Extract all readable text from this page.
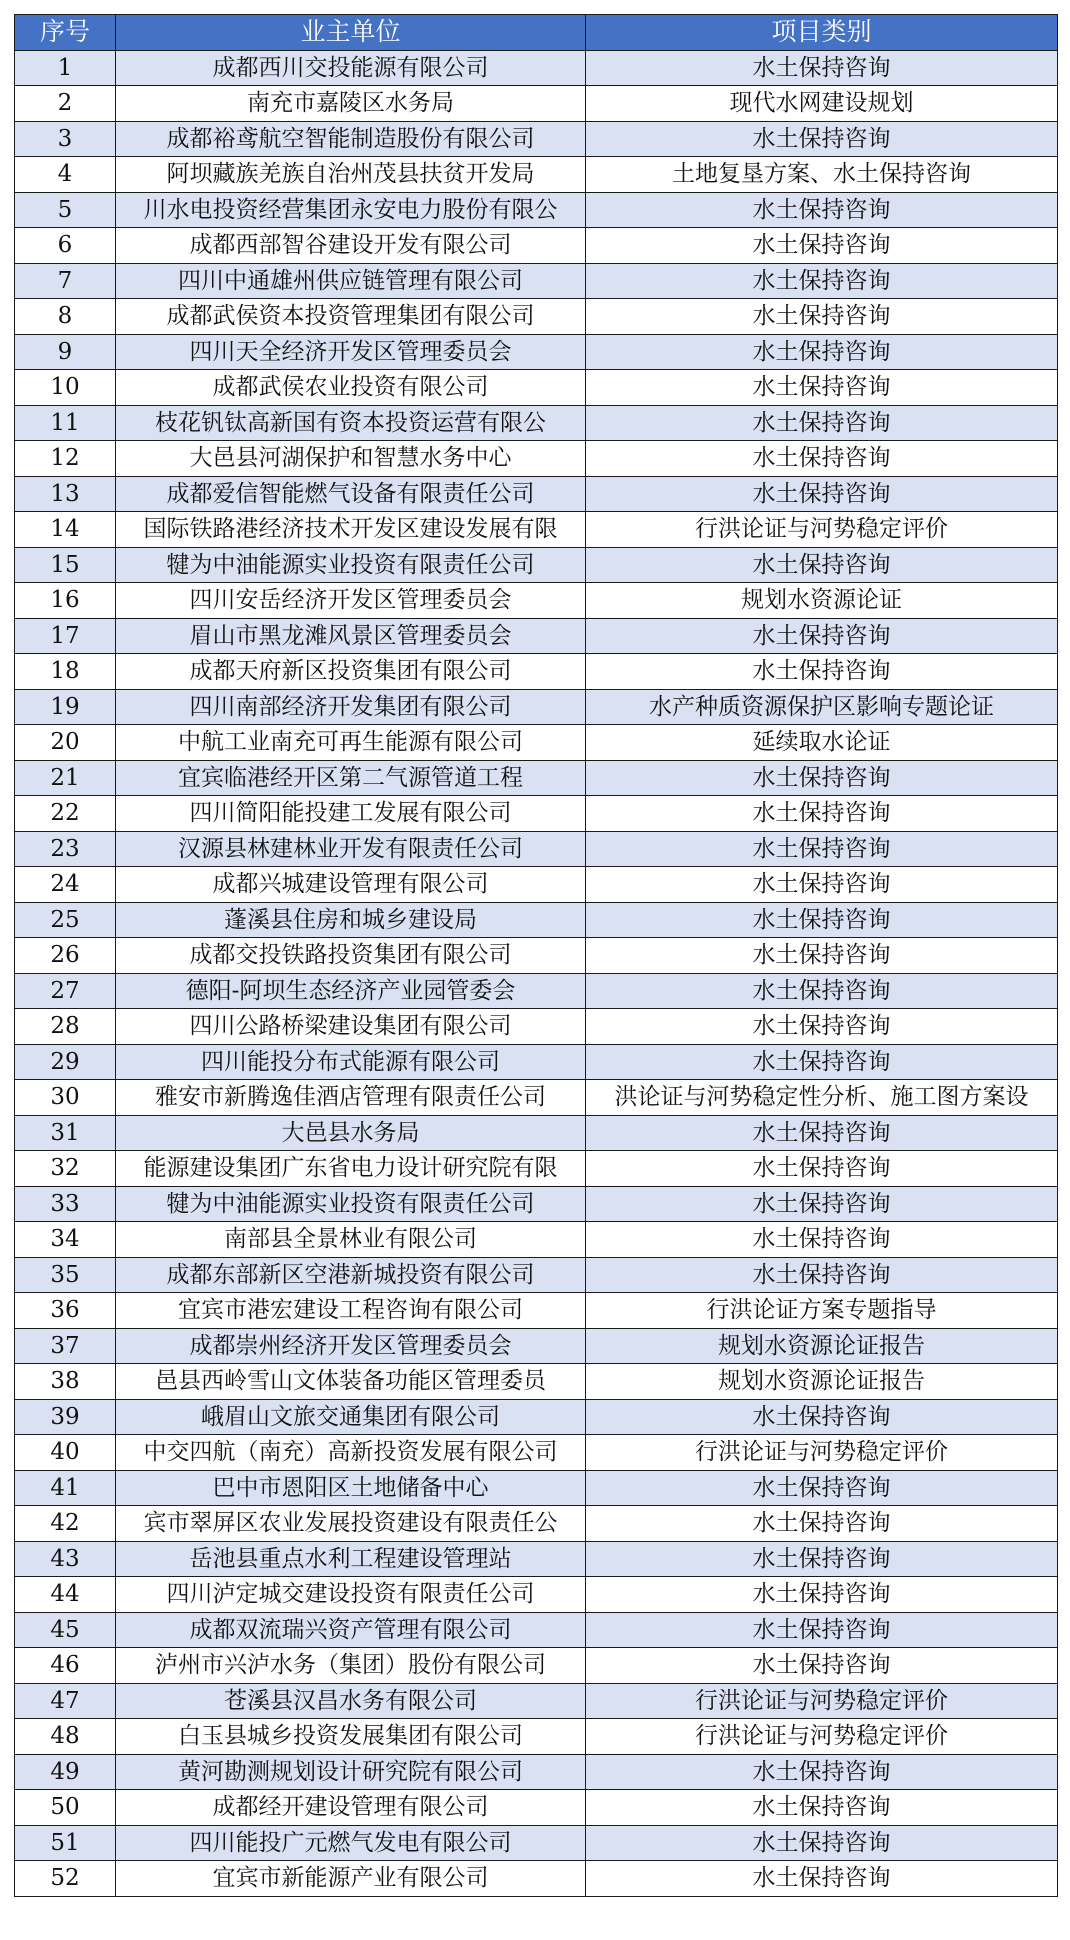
序号	业主单位	项目类别
1	成都西川交投能源有限公司	水土保持咨询
2	南充市嘉陵区水务局	现代水网建设规划
3	成都裕鸢航空智能制造股份有限公司	水土保持咨询
4	阿坝藏族羌族自治州茂县扶贫开发局	土地复垦方案、水土保持咨询
5	川水电投资经营集团永安电力股份有限公	水土保持咨询
6	成都西部智谷建设开发有限公司	水土保持咨询
7	四川中通雄州供应链管理有限公司	水土保持咨询
8	成都武侯资本投资管理集团有限公司	水土保持咨询
9	四川天全经济开发区管理委员会	水土保持咨询
10	成都武侯农业投资有限公司	水土保持咨询
11	枝花钒钛高新国有资本投资运营有限公	水土保持咨询
12	大邑县河湖保护和智慧水务中心	水土保持咨询
13	成都爱信智能燃气设备有限责任公司	水土保持咨询
14	国际铁路港经济技术开发区建设发展有限	行洪论证与河势稳定评价
15	犍为中油能源实业投资有限责任公司	水土保持咨询
16	四川安岳经济开发区管理委员会	规划水资源论证
17	眉山市黑龙滩风景区管理委员会	水土保持咨询
18	成都天府新区投资集团有限公司	水土保持咨询
19	四川南部经济开发集团有限公司	水产种质资源保护区影响专题论证
20	中航工业南充可再生能源有限公司	延续取水论证
21	宜宾临港经开区第二气源管道工程	水土保持咨询
22	四川简阳能投建工发展有限公司	水土保持咨询
23	汉源县林建林业开发有限责任公司	水土保持咨询
24	成都兴城建设管理有限公司	水土保持咨询
25	蓬溪县住房和城乡建设局	水土保持咨询
26	成都交投铁路投资集团有限公司	水土保持咨询
27	德阳-阿坝生态经济产业园管委会	水土保持咨询
28	四川公路桥梁建设集团有限公司	水土保持咨询
29	四川能投分布式能源有限公司	水土保持咨询
30	雅安市新腾逸佳酒店管理有限责任公司	洪论证与河势稳定性分析、施工图方案设
31	大邑县水务局	水土保持咨询
32	能源建设集团广东省电力设计研究院有限	水土保持咨询
33	犍为中油能源实业投资有限责任公司	水土保持咨询
34	南部县全景林业有限公司	水土保持咨询
35	成都东部新区空港新城投资有限公司	水土保持咨询
36	宜宾市港宏建设工程咨询有限公司	行洪论证方案专题指导
37	成都崇州经济开发区管理委员会	规划水资源论证报告
38	邑县西岭雪山文体装备功能区管理委员	规划水资源论证报告
39	峨眉山文旅交通集团有限公司	水土保持咨询
40	中交四航（南充）高新投资发展有限公司	行洪论证与河势稳定评价
41	巴中市恩阳区土地储备中心	水土保持咨询
42	宾市翠屏区农业发展投资建设有限责任公	水土保持咨询
43	岳池县重点水利工程建设管理站	水土保持咨询
44	四川泸定城交建设投资有限责任公司	水土保持咨询
45	成都双流瑞兴资产管理有限公司	水土保持咨询
46	泸州市兴泸水务（集团）股份有限公司	水土保持咨询
47	苍溪县汉昌水务有限公司	行洪论证与河势稳定评价
48	白玉县城乡投资发展集团有限公司	行洪论证与河势稳定评价
49	黄河勘测规划设计研究院有限公司	水土保持咨询
50	成都经开建设管理有限公司	水土保持咨询
51	四川能投广元燃气发电有限公司	水土保持咨询
52	宜宾市新能源产业有限公司	水土保持咨询
